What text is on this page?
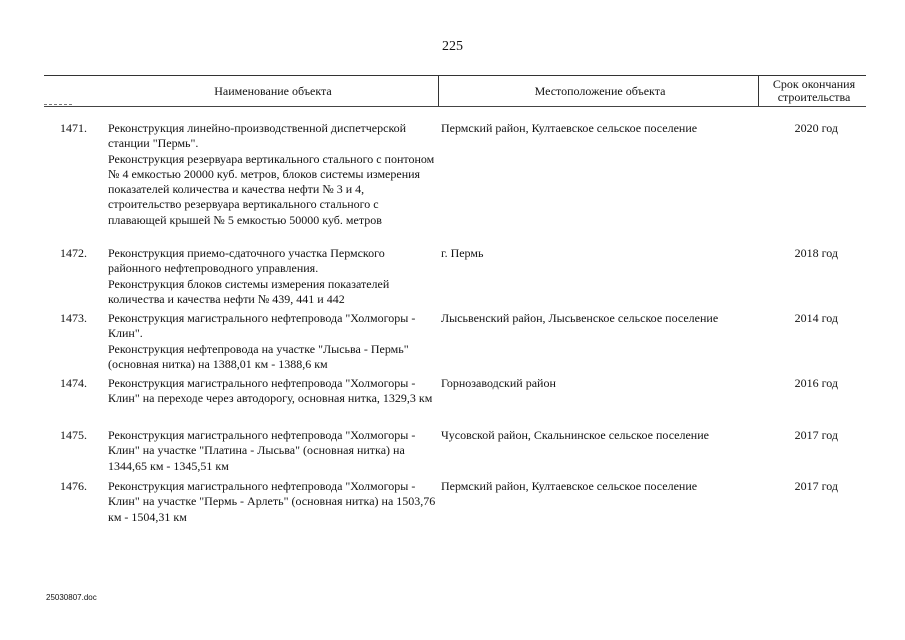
225
Наименование объекта	Местоположение объекта	Срок окончания
строительства
1471.	Реконструкция линейно-производственной диспетчерской станции "Пермь".

Реконструкция резервуара вертикального стального с понтоном № 4 емкостью 20000 куб. метров, блоков системы измерения показателей количества и качества нефти № 3 и 4, строительство резервуара вертикального стального с плавающей крышей № 5 емкостью 50000 куб. метров

Пермский район, Култаевское сельское поселение	2020 год
1472.	Реконструкция приемо-сдаточного участка Пермского районного нефтепроводного управления.

Реконструкция блоков системы измерения показателей количества и качества нефти № 439, 441 и 442

г. Пермь	2018 год
1473.	Реконструкция магистрального нефтепровода "Холмогоры - Клин".

Реконструкция нефтепровода на участке "Лысьва - Пермь" (основная нитка) на 1388,01 км - 1388,6 км

Лысьвенский район, Лысьвенское сельское поселение	2014 год
1474.	Реконструкция магистрального нефтепровода "Холмогоры - Клин" на переходе через автодорогу, основная нитка, 1329,3 км

Горнозаводский район	2016 год
1475.	Реконструкция магистрального нефтепровода "Холмогоры - Клин" на участке "Платина - Лысьва" (основная нитка) на 1344,65 км - 1345,51 км

Чусовской район, Скальнинское сельское поселение	2017 год
1476.	Реконструкция магистрального нефтепровода "Холмогоры - Клин" на участке "Пермь - Арлеть" (основная нитка) на 1503,76 км - 1504,31 км

Пермский район, Култаевское сельское поселение	2017 год
25030807.doc
